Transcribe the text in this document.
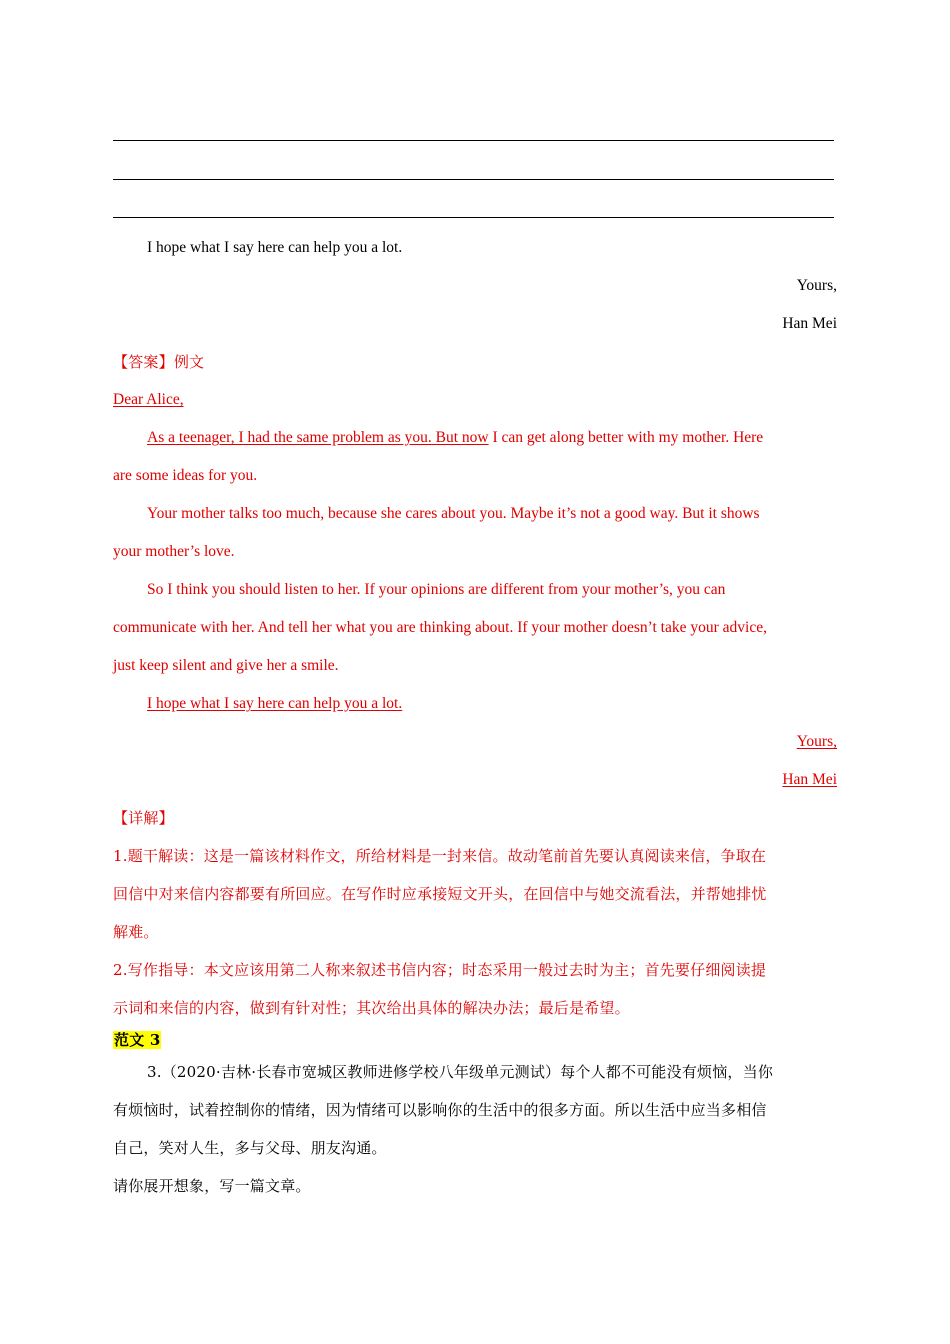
I hope what I say here can help you a lot.
Yours,
Han Mei
【答案】例文
Dear Alice,
As a teenager, I had the same problem as you. But now I can get along better with my mother. Here
are some ideas for you.
Your mother talks too much, because she cares about you. Maybe it’s not a good way. But it shows
your mother’s love.
So I think you should listen to her. If your opinions are different from your mother’s, you can
communicate with her. And tell her what you are thinking about. If your mother doesn’t take your advice,
just keep silent and give her a smile.
I hope what I say here can help you a lot.
Yours,
Han Mei
【详解】
1.题干解读：这是一篇该材料作文，所给材料是一封来信。故动笔前首先要认真阅读来信，争取在
回信中对来信内容都要有所回应。在写作时应承接短文开头，在回信中与她交流看法，并帮她排忧
解难。
2.写作指导：本文应该用第二人称来叙述书信内容；时态采用一般过去时为主；首先要仔细阅读提
示词和来信的内容，做到有针对性；其次给出具体的解决办法；最后是希望。
范文 3
3.（2020·吉林·长春市宽城区教师进修学校八年级单元测试）每个人都不可能没有烦恼，当你
有烦恼时，试着控制你的情绪，因为情绪可以影响你的生活中的很多方面。所以生活中应当多相信
自己，笑对人生，多与父母、朋友沟通。
请你展开想象，写一篇文章。
